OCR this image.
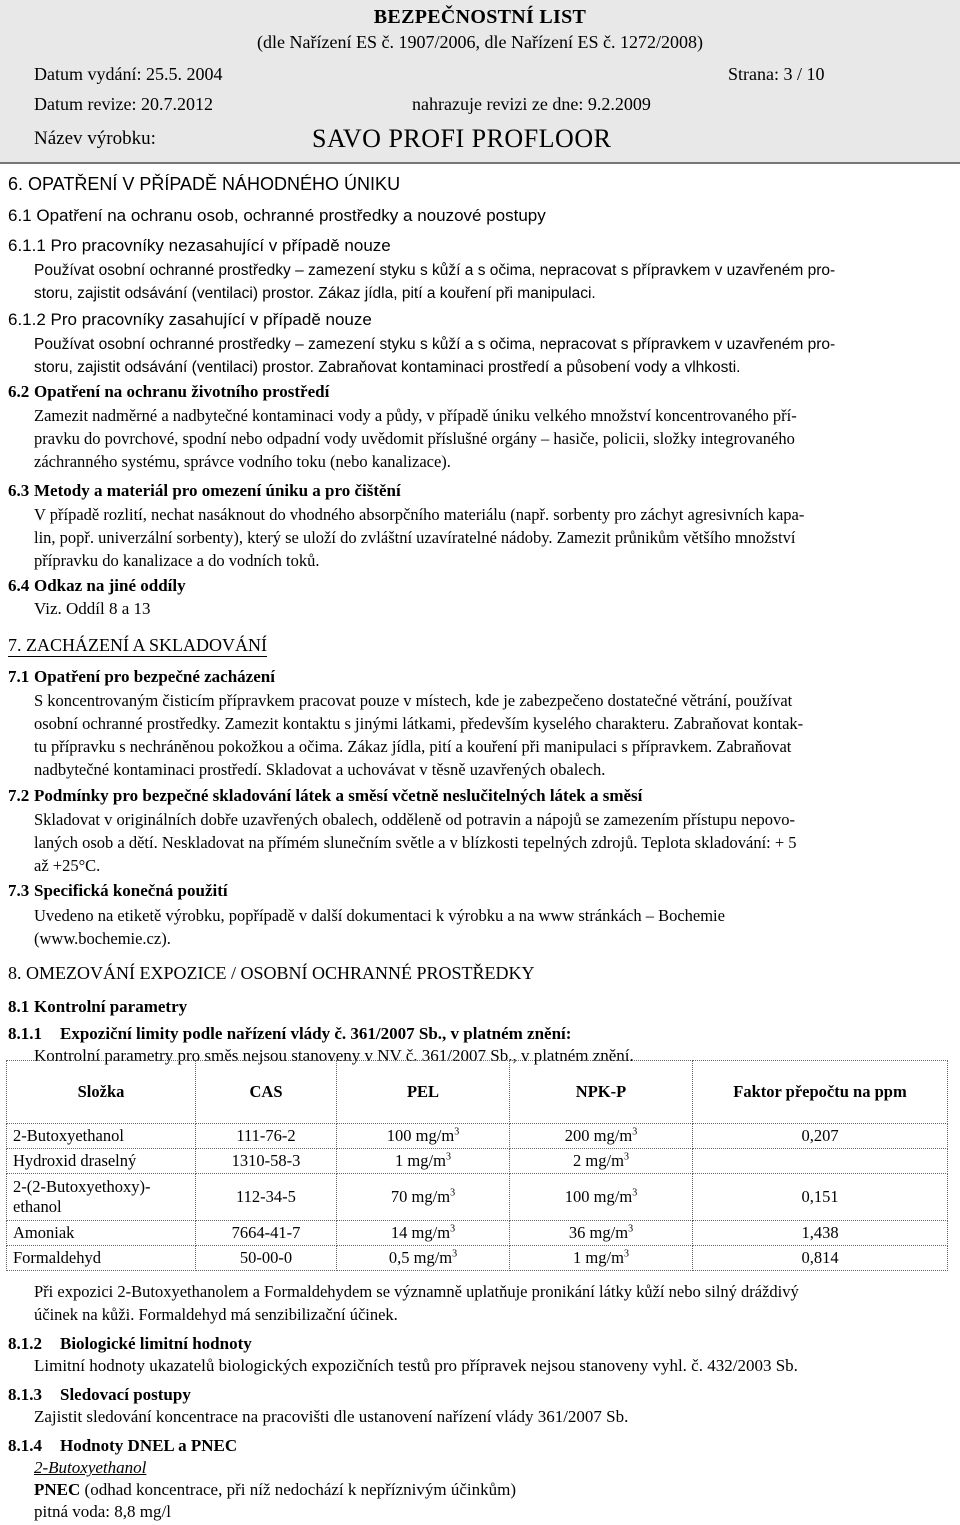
BEZPEČNOSTNÍ LIST
(dle Nařízení ES č. 1907/2006, dle Nařízení ES č. 1272/2008)
Datum vydání: 25.5. 2004	Strana: 3 / 10
Datum revize: 20.7.2012	nahrazuje revizi ze dne: 9.2.2009
Název výrobku:	SAVO PROFI PROFLOOR
6. OPATŘENÍ V PŘÍPADĚ NÁHODNÉHO ÚNIKU
6.1 Opatření na ochranu osob, ochranné prostředky a nouzové postupy
6.1.1 Pro pracovníky nezasahující v případě nouze
Používat osobní ochranné prostředky – zamezení styku s kůží a s očima, nepracovat s přípravkem v uzavřeném pro-
storu, zajistit odsávání (ventilaci) prostor. Zákaz jídla, pití a kouření při manipulaci.
6.1.2 Pro pracovníky zasahující v případě nouze
Používat osobní ochranné prostředky – zamezení styku s kůží a s očima, nepracovat s přípravkem v uzavřeném pro-
storu, zajistit odsávání (ventilaci) prostor. Zabraňovat kontaminaci prostředí a působení vody a vlhkosti.
6.2 Opatření na ochranu životního prostředí
Zamezit nadměrné a nadbytečné kontaminaci vody a půdy, v případě úniku velkého množství koncentrovaného pří-
pravku do povrchové, spodní nebo odpadní vody uvědomit příslušné orgány – hasiče, policii, složky integrovaného
záchranného systému, správce vodního toku (nebo kanalizace).
6.3 Metody a materiál pro omezení úniku a pro čištění
V případě rozlití, nechat nasáknout do vhodného absorpčního materiálu (např. sorbenty pro záchyt agresivních kapa-
lin, popř. univerzální sorbenty), který se uloží do zvláštní uzavíratelné nádoby. Zamezit průnikům většího množství
přípravku do kanalizace a do vodních toků.
6.4 Odkaz na jiné oddíly
Viz. Oddíl 8 a 13
7. ZACHÁZENÍ A SKLADOVÁNÍ
7.1 Opatření pro bezpečné zacházení
S koncentrovaným čisticím přípravkem pracovat pouze v místech, kde je zabezpečeno dostatečné větrání, používat
osobní ochranné prostředky. Zamezit kontaktu s jinými látkami, především kyselého charakteru. Zabraňovat kontak-
tu přípravku s nechráněnou pokožkou a očima. Zákaz jídla, pití a kouření při manipulaci s přípravkem. Zabraňovat
nadbytečné kontaminaci prostředí. Skladovat a uchovávat v těsně uzavřených obalech.
7.2 Podmínky pro bezpečné skladování látek a směsí včetně neslučitelných látek a směsí
Skladovat v originálních dobře uzavřených obalech, odděleně od potravin a nápojů se zamezením přístupu nepovo-
laných osob a dětí. Neskladovat na přímém slunečním světle a v blízkosti tepelných zdrojů. Teplota skladování: + 5
až +25°C.
7.3 Specifická konečná použití
Uvedeno na etiketě výrobku, popřípadě v další dokumentaci k výrobku a na www stránkách – Bochemie
(www.bochemie.cz).
8. OMEZOVÁNÍ EXPOZICE / OSOBNÍ OCHRANNÉ PROSTŘEDKY
8.1 Kontrolní parametry
8.1.1 Expoziční limity podle nařízení vlády č. 361/2007 Sb., v platném znění:
Kontrolní parametry pro směs nejsou stanoveny v NV č. 361/2007 Sb., v platném znění.
Složka	CAS	PEL	NPK-P	Faktor přepočtu na ppm
2-Butoxyethanol	111-76-2	100 $mg/m^3$	200 $mg/m^3$	0,207
Hydroxid draselný	1310-58-3	1 $mg/m^3$	2 $mg/m^3$	
2-(2-Butoxyethoxy)-ethanol	112-34-5	70 $mg/m^3$	100 $mg/m^3$	0,151
Amoniak	7664-41-7	14 $mg/m^3$	36 $mg/m^3$	1,438
Formaldehyd	50-00-0	0,5 $mg/m^3$	1 $mg/m^3$	0,814
Při expozici 2-Butoxyethanolem a Formaldehydem se významně uplatňuje pronikání látky kůží nebo silný dráždivý
účinek na kůži. Formaldehyd má senzibilizační účinek.
8.1.2 Biologické limitní hodnoty
Limitní hodnoty ukazatelů biologických expozičních testů pro přípravek nejsou stanoveny vyhl. č. 432/2003 Sb.
8.1.3 Sledovací postupy
Zajistit sledování koncentrace na pracovišti dle ustanovení nařízení vlády 361/2007 Sb.
8.1.4 Hodnoty DNEL a PNEC
2-Butoxyethanol
PNEC (odhad koncentrace, při níž nedochází k nepříznivým účinkům)
pitná voda: 8,8 mg/l
